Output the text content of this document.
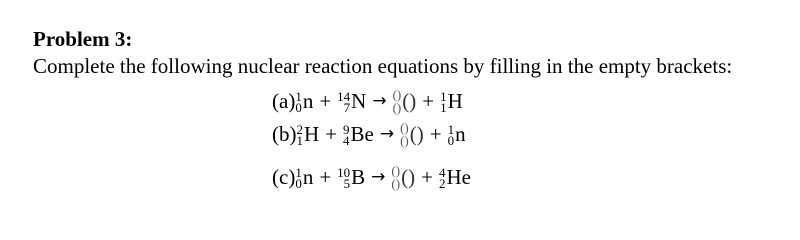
Problem 3:
Complete the following nuclear reaction equations by filling in the empty brackets:
(a) 1
0 n + 14
7 N → ()
() () + 1
1 H
(b) 2
1 H + 9
4 Be → ()
() () + 1
0 n
(c) 1
0 n + 10
5 B → ()
() () + 4
2 He
